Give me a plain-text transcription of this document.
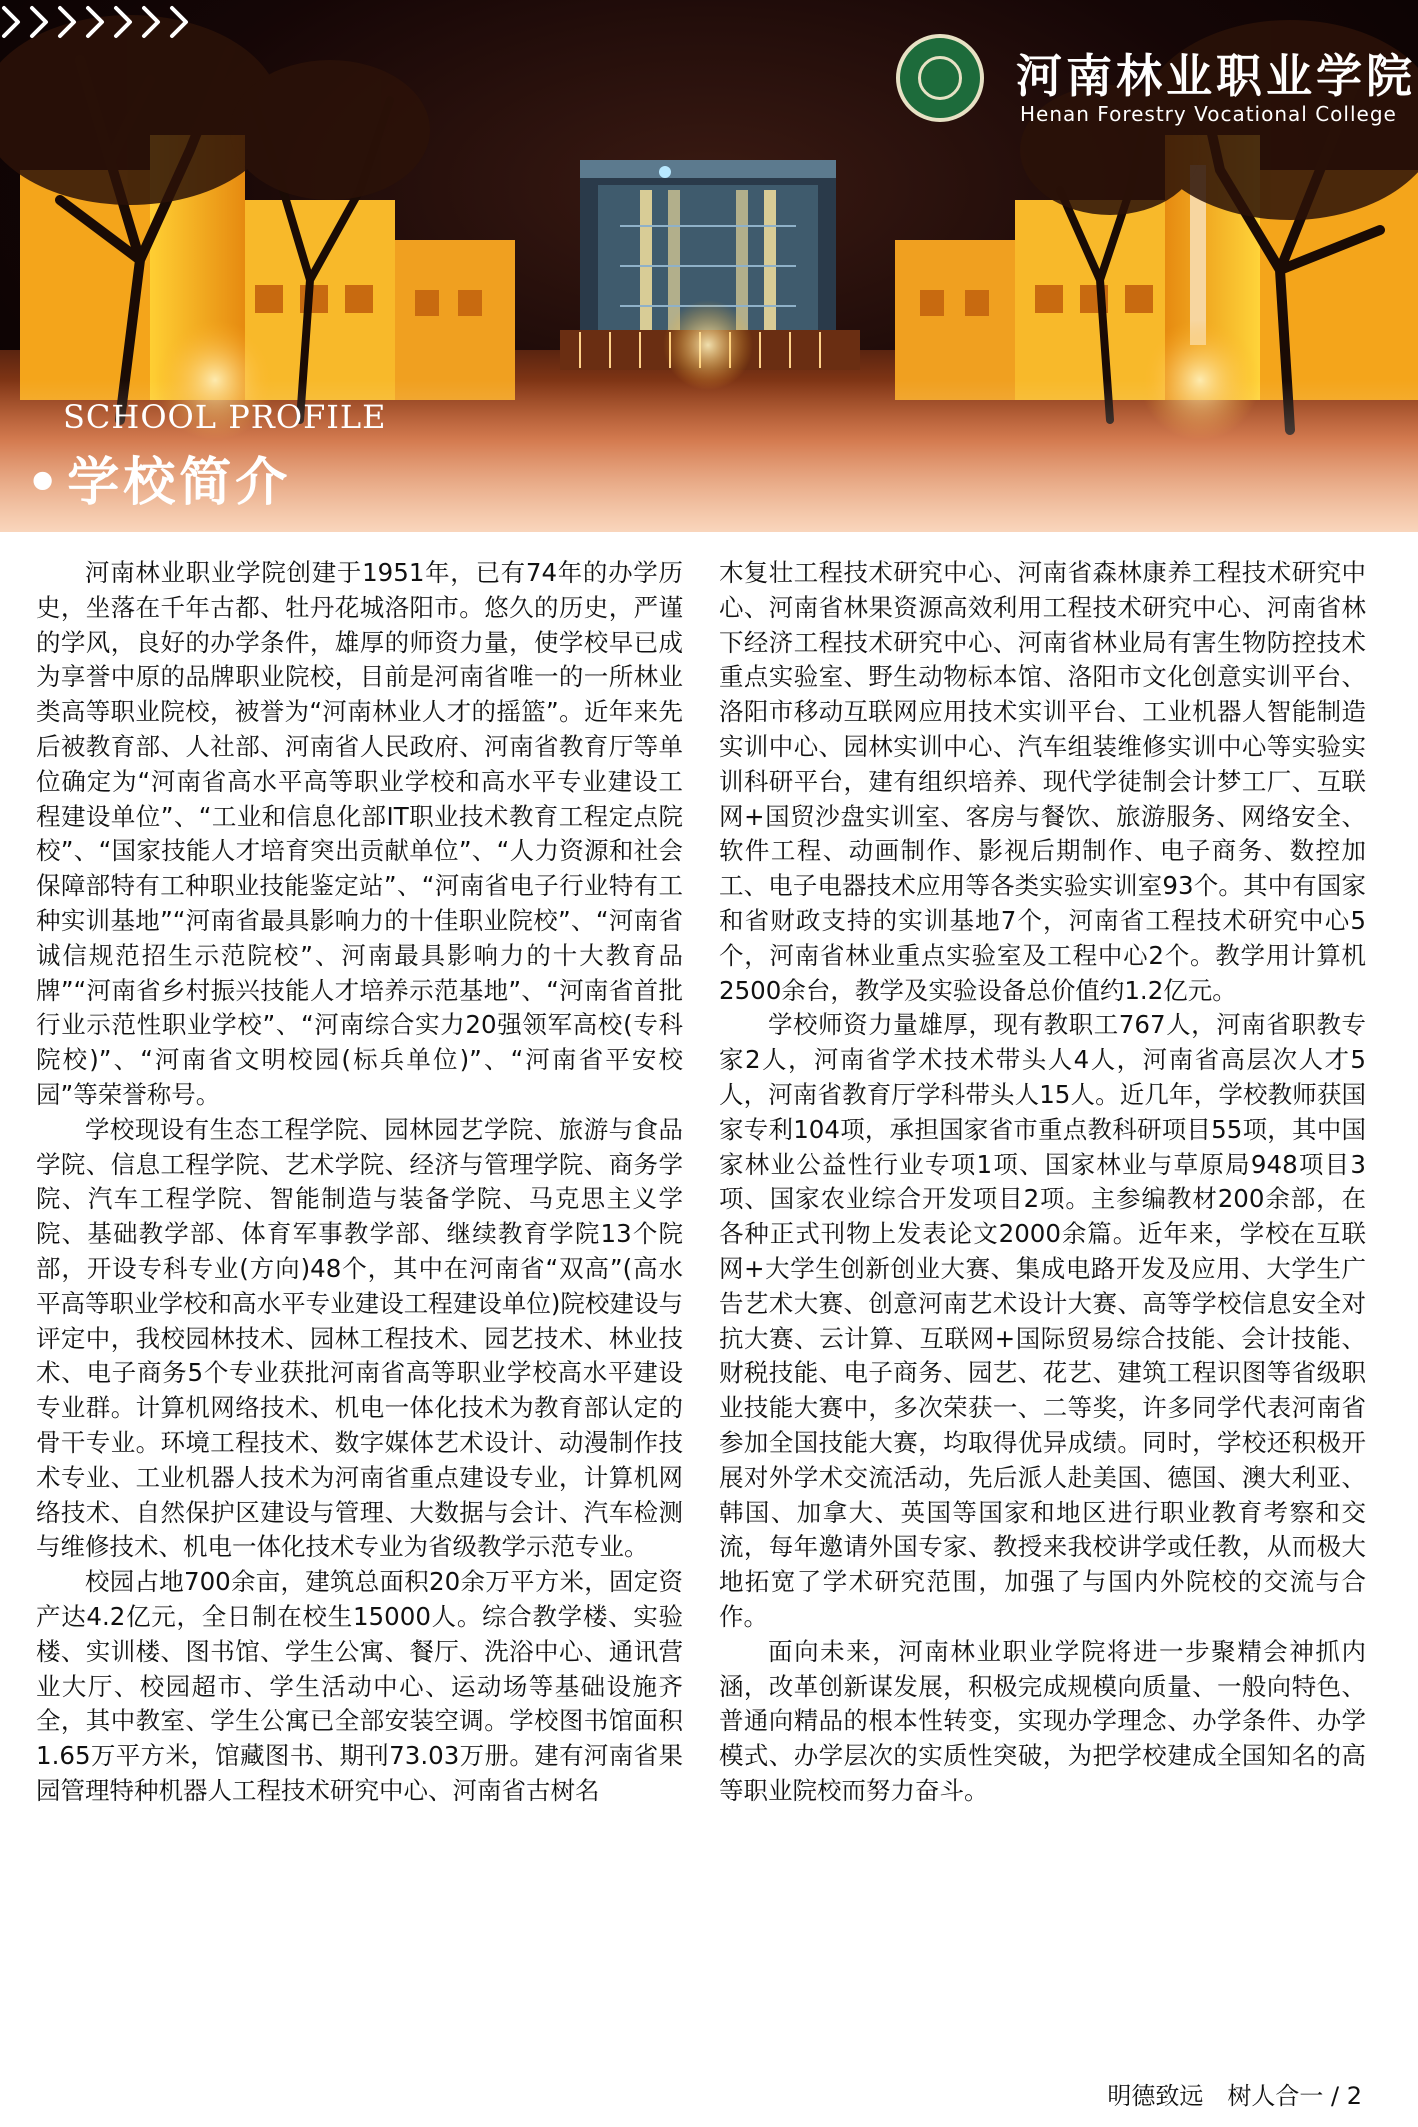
河南林业职业学院
Henan Forestry Vocational College
SCHOOL PROFILE
•学校简介

河南林业职业学院创建于1951年，已有74年的办学历史，坐落在千年古都、牡丹花城洛阳市。悠久的历史，严谨的学风，良好的办学条件，雄厚的师资力量，使学校早已成为享誉中原的品牌职业院校，目前是河南省唯一的一所林业类高等职业院校，被誉为“河南林业人才的摇篮”。近年来先后被教育部、人社部、河南省人民政府、河南省教育厅等单位确定为“河南省高水平高等职业学校和高水平专业建设工程建设单位”、“工业和信息化部IT职业技术教育工程定点院校”、“国家技能人才培育突出贡献单位”、“人力资源和社会保障部特有工种职业技能鉴定站”、“河南省电子行业特有工种实训基地”“河南省最具影响力的十佳职业院校”、“河南省诚信规范招生示范院校”、河南最具影响力的十大教育品牌”“河南省乡村振兴技能人才培养示范基地”、“河南省首批行业示范性职业学校”、“河南综合实力20强领军高校(专科院校)”、“河南省文明校园(标兵单位)”、“河南省平安校园”等荣誉称号。

学校现设有生态工程学院、园林园艺学院、旅游与食品学院、信息工程学院、艺术学院、经济与管理学院、商务学院、汽车工程学院、智能制造与装备学院、马克思主义学院、基础教学部、体育军事教学部、继续教育学院13个院部，开设专科专业(方向)48个，其中在河南省“双高”(高水平高等职业学校和高水平专业建设工程建设单位)院校建设与评定中，我校园林技术、园林工程技术、园艺技术、林业技术、电子商务5个专业获批河南省高等职业学校高水平建设专业群。计算机网络技术、机电一体化技术为教育部认定的骨干专业。环境工程技术、数字媒体艺术设计、动漫制作技术专业、工业机器人技术为河南省重点建设专业，计算机网络技术、自然保护区建设与管理、大数据与会计、汽车检测与维修技术、机电一体化技术专业为省级教学示范专业。

校园占地700余亩，建筑总面积20余万平方米，固定资产达4.2亿元，全日制在校生15000人。综合教学楼、实验楼、实训楼、图书馆、学生公寓、餐厅、洗浴中心、通讯营业大厅、校园超市、学生活动中心、运动场等基础设施齐全，其中教室、学生公寓已全部安装空调。学校图书馆面积1.65万平方米，馆藏图书、期刊73.03万册。建有河南省果园管理特种机器人工程技术研究中心、河南省古树名

木复壮工程技术研究中心、河南省森林康养工程技术研究中心、河南省林果资源高效利用工程技术研究中心、河南省林下经济工程技术研究中心、河南省林业局有害生物防控技术重点实验室、野生动物标本馆、洛阳市文化创意实训平台、洛阳市移动互联网应用技术实训平台、工业机器人智能制造实训中心、园林实训中心、汽车组装维修实训中心等实验实训科研平台，建有组织培养、现代学徒制会计梦工厂、互联网+国贸沙盘实训室、客房与餐饮、旅游服务、网络安全、软件工程、动画制作、影视后期制作、电子商务、数控加工、电子电器技术应用等各类实验实训室93个。其中有国家和省财政支持的实训基地7个，河南省工程技术研究中心5个，河南省林业重点实验室及工程中心2个。教学用计算机2500余台，教学及实验设备总价值约1.2亿元。

学校师资力量雄厚，现有教职工767人，河南省职教专家2人，河南省学术技术带头人4人，河南省高层次人才5人，河南省教育厅学科带头人15人。近几年，学校教师获国家专利104项，承担国家省市重点教科研项目55项，其中国家林业公益性行业专项1项、国家林业与草原局948项目3项、国家农业综合开发项目2项。主参编教材200余部，在各种正式刊物上发表论文2000余篇。近年来，学校在互联网+大学生创新创业大赛、集成电路开发及应用、大学生广告艺术大赛、创意河南艺术设计大赛、高等学校信息安全对抗大赛、云计算、互联网+国际贸易综合技能、会计技能、财税技能、电子商务、园艺、花艺、建筑工程识图等省级职业技能大赛中，多次荣获一、二等奖，许多同学代表河南省参加全国技能大赛，均取得优异成绩。同时，学校还积极开展对外学术交流活动，先后派人赴美国、德国、澳大利亚、韩国、加拿大、英国等国家和地区进行职业教育考察和交流，每年邀请外国专家、教授来我校讲学或任教，从而极大地拓宽了学术研究范围，加强了与国内外院校的交流与合作。

面向未来，河南林业职业学院将进一步聚精会神抓内涵，改革创新谋发展，积极完成规模向质量、一般向特色、普通向精品的根本性转变，实现办学理念、办学条件、办学模式、办学层次的实质性突破，为把学校建成全国知名的高等职业院校而努力奋斗。

明德致远　树人合一 / 2
